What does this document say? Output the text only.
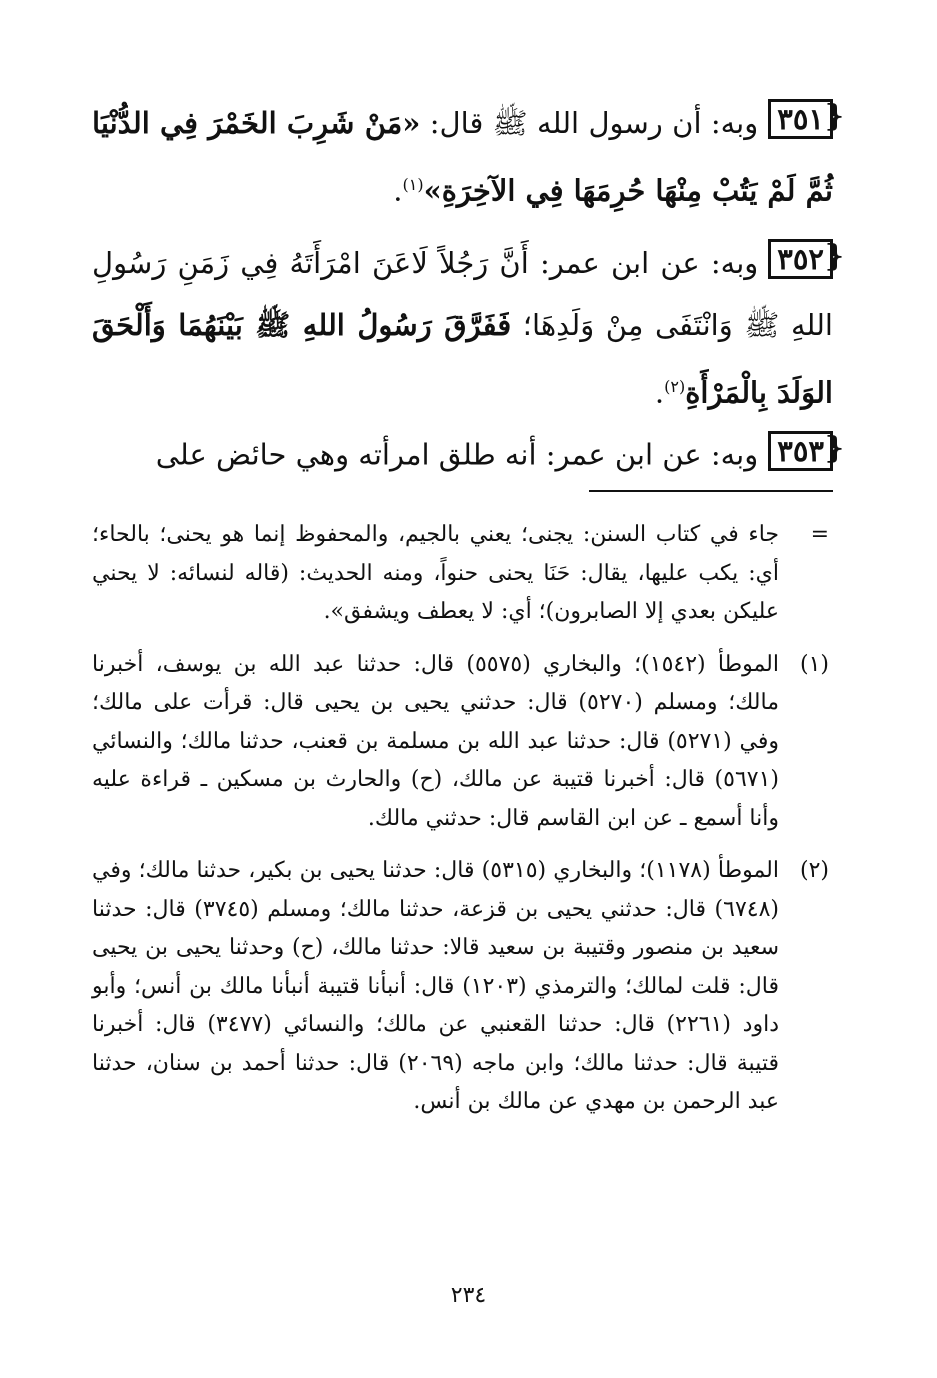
{ ٣٥١وبه: أن رسول الله ﷺ قال: «مَنْ شَرِبَ الخَمْرَ فِي الدُّنْيَا ثُمَّ لَمْ يَتُبْ مِنْهَا حُرِمَهَا فِي الآخِرَةِ»$^{(١)}$.
{ ٣٥٢وبه: عن ابن عمر: أَنَّ رَجُلاً لَاعَنَ امْرَأَتَهُ فِي زَمَنِ رَسُولِ اللهِ ﷺ وَانْتَفَى مِنْ وَلَدِهَا؛ فَفَرَّقَ رَسُولُ اللهِ ﷺ بَيْنَهُمَا وَأَلْحَقَ الوَلَدَ بِالْمَرْأَةِ$^{(٢)}$.
{ ٣٥٣وبه: عن ابن عمر: أنه طلق امرأته وهي حائض على
=
جاء في كتاب السنن: يجنى؛ يعني بالجيم، والمحفوظ إنما هو يحنى؛ بالحاء؛ أي: يكب عليها، يقال: حَنَا يحنى حنواً، ومنه الحديث: (قاله لنسائه: لا يحني عليكن بعدي إلا الصابرون)؛ أي: لا يعطف ويشفق».
(١)
الموطأ (١٥٤٢)؛ والبخاري (٥٥٧٥) قال: حدثنا عبد الله بن يوسف، أخبرنا مالك؛ ومسلم (٥٢٧٠) قال: حدثني يحيى بن يحيى قال: قرأت على مالك؛ وفي (٥٢٧١) قال: حدثنا عبد الله بن مسلمة بن قعنب، حدثنا مالك؛ والنسائي (٥٦٧١) قال: أخبرنا قتيبة عن مالك، (ح) والحارث بن مسكين ـ قراءة عليه وأنا أسمع ـ عن ابن القاسم قال: حدثني مالك.
(٢)
الموطأ (١١٧٨)؛ والبخاري (٥٣١٥) قال: حدثنا يحيى بن بكير، حدثنا مالك؛ وفي (٦٧٤٨) قال: حدثني يحيى بن قزعة، حدثنا مالك؛ ومسلم (٣٧٤٥) قال: حدثنا سعيد بن منصور وقتيبة بن سعيد قالا: حدثنا مالك، (ح) وحدثنا يحيى بن يحيى قال: قلت لمالك؛ والترمذي (١٢٠٣) قال: أنبأنا قتيبة أنبأنا مالك بن أنس؛ وأبو داود (٢٢٦١) قال: حدثنا القعنبي عن مالك؛ والنسائي (٣٤٧٧) قال: أخبرنا قتيبة قال: حدثنا مالك؛ وابن ماجه (٢٠٦٩) قال: حدثنا أحمد بن سنان، حدثنا عبد الرحمن بن مهدي عن مالك بن أنس.
٢٣٤
